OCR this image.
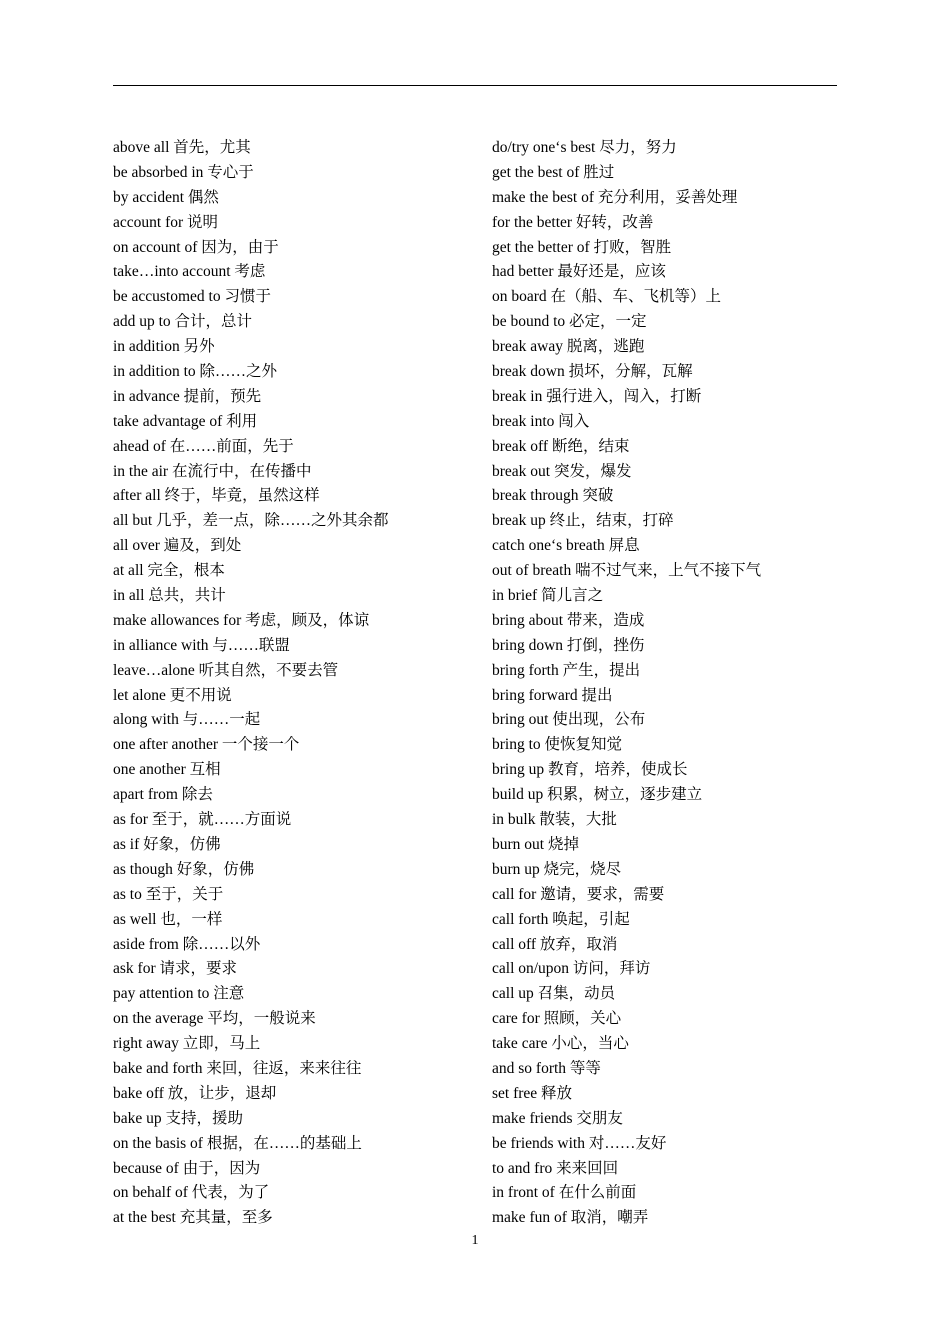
above all 首先，尤其
be absorbed in 专心于
by accident 偶然
account for 说明
on account of 因为，由于
take…into account 考虑
be accustomed to 习惯于
add up to 合计，总计
in addition 另外
in addition to 除……之外
in advance 提前，预先
take advantage of 利用
ahead of 在……前面，先于
in the air 在流行中，在传播中
after all 终于，毕竟，虽然这样
all but 几乎，差一点，除……之外其余都
all over 遍及，到处
at all 完全，根本
in all 总共，共计
make allowances for 考虑，顾及，体谅
in alliance with 与……联盟
leave…alone 听其自然，不要去管
let alone 更不用说
along with 与……一起
one after another 一个接一个
one another 互相
apart from 除去
as for 至于，就……方面说
as if 好象，仿佛
as though 好象，仿佛
as to 至于，关于
as well 也，一样
aside from 除……以外
ask for 请求，要求
pay attention to 注意
on the average 平均，一般说来
right away 立即，马上
bake and forth 来回，往返，来来往往
bake off 放，让步，退却
bake up 支持，援助
on the basis of 根据，在……的基础上
because of 由于，因为
on behalf of 代表，为了
at the best 充其量，至多
do/try one‘s best 尽力，努力
get the best of 胜过
make the best of 充分利用，妥善处理
for the better 好转，改善
get the better of 打败，智胜
had better 最好还是，应该
on board 在（船、车、飞机等）上
be bound to 必定，一定
break away 脱离，逃跑
break down 损坏，分解，瓦解
break in 强行进入，闯入，打断
break into 闯入
break off 断绝，结束
break out 突发，爆发
break through 突破
break up 终止，结束，打碎
catch one‘s breath 屏息
out of breath 喘不过气来，上气不接下气
in brief 简儿言之
bring about 带来，造成
bring down 打倒，挫伤
bring forth 产生，提出
bring forward 提出
bring out 使出现，公布
bring to 使恢复知觉
bring up 教育，培养，使成长
build up 积累，树立，逐步建立
in bulk 散装，大批
burn out 烧掉
burn up 烧完，烧尽
call for 邀请，要求，需要
call forth 唤起，引起
call off 放弃，取消
call on/upon 访问，拜访
call up 召集，动员
care for 照顾，关心
take care 小心，当心
and so forth 等等
set free 释放
make friends 交朋友
be friends with 对……友好
to and fro 来来回回
in front of 在什么前面
make fun of 取消，嘲弄
1
